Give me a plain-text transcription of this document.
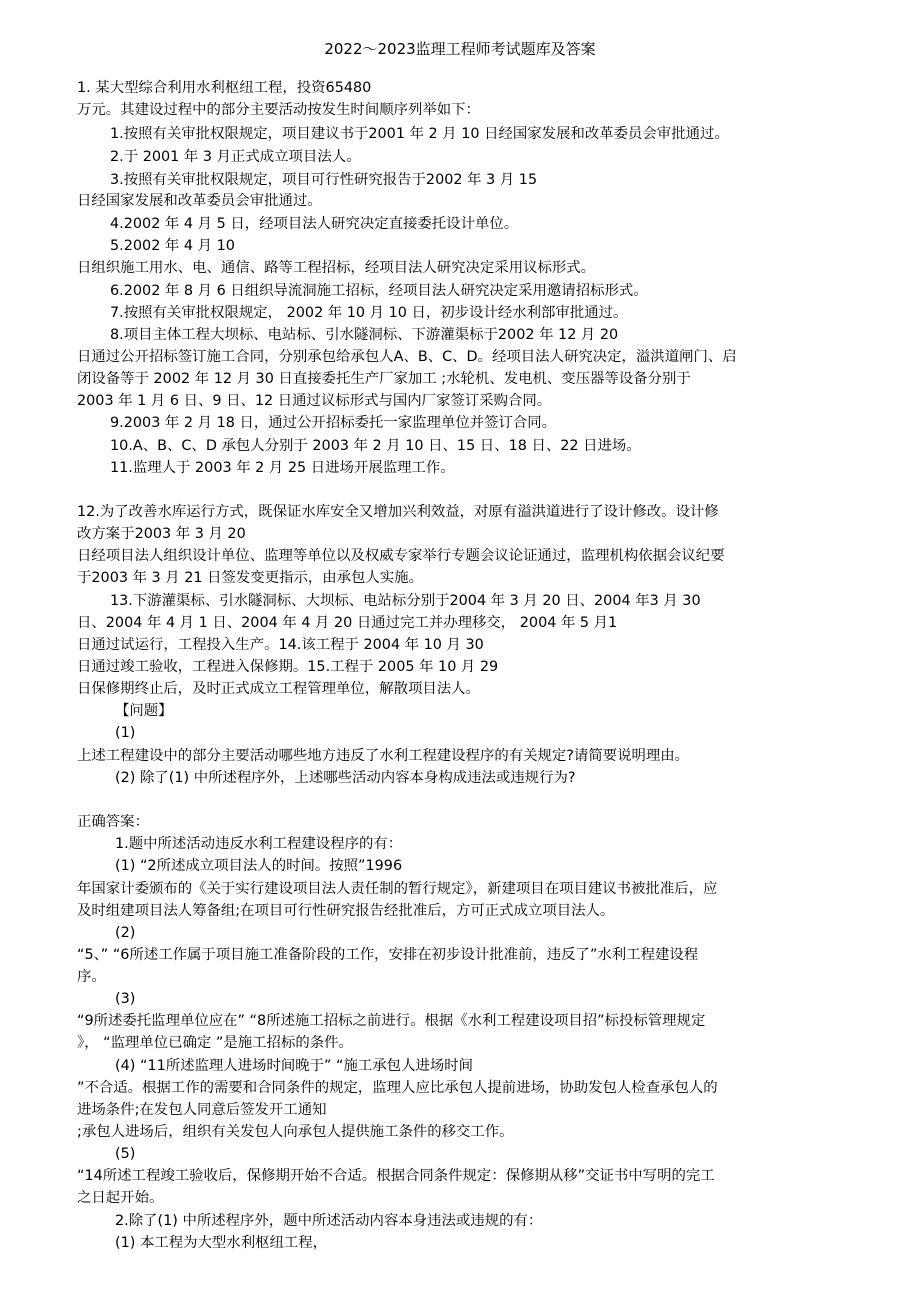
2022～2023监理工程师考试题库及答案
1. 某大型综合利用水利枢纽工程，投资65480
万元。其建设过程中的部分主要活动按发生时间顺序列举如下：
1.按照有关审批权限规定，项目建议书于2001 年 2 月 10 日经国家发展和改革委员会审批通过。
2.于 2001 年 3 月正式成立项目法人。
3.按照有关审批权限规定，项目可行性研究报告于2002 年 3 月 15
日经国家发展和改革委员会审批通过。
4.2002 年 4 月 5 日，经项目法人研究决定直接委托设计单位。
5.2002 年 4 月 10
日组织施工用水、电、通信、路等工程招标，经项目法人研究决定采用议标形式。
6.2002 年 8 月 6 日组织导流洞施工招标，经项目法人研究决定采用邀请招标形式。
7.按照有关审批权限规定， 2002 年 10 月 10 日，初步设计经水利部审批通过。
8.项目主体工程大坝标、电站标、引水隧洞标、下游灌渠标于2002 年 12 月 20
日通过公开招标签订施工合同，分别承包给承包人A、B、C、D。经项目法人研究决定，溢洪道闸门、启
闭设备等于 2002 年 12 月 30 日直接委托生产厂家加工 ;水轮机、发电机、变压器等设备分别于
2003 年 1 月 6 日、9 日、12 日通过议标形式与国内厂家签订采购合同。
9.2003 年 2 月 18 日，通过公开招标委托一家监理单位并签订合同。
10.A、B、C、D 承包人分别于 2003 年 2 月 10 日、15 日、18 日、22 日进场。
11.监理人于 2003 年 2 月 25 日进场开展监理工作。
12.为了改善水库运行方式，既保证水库安全又增加兴利效益，对原有溢洪道进行了设计修改。设计修
改方案于2003 年 3 月 20
日经项目法人组织设计单位、监理等单位以及权威专家举行专题会议论证通过，监理机构依据会议纪要
于2003 年 3 月 21 日签发变更指示，由承包人实施。
13.下游灌渠标、引水隧洞标、大坝标、电站标分别于2004 年 3 月 20 日、2004 年3 月 30
日、2004 年 4 月 1 日、2004 年 4 月 20 日通过完工并办理移交， 2004 年 5 月1
日通过试运行，工程投入生产。14.该工程于 2004 年 10 月 30
日通过竣工验收，工程进入保修期。15.工程于 2005 年 10 月 29
日保修期终止后，及时正式成立工程管理单位，解散项目法人。
【问题】
(1)
上述工程建设中的部分主要活动哪些地方违反了水利工程建设程序的有关规定?请简要说明理由。
(2) 除了(1) 中所述程序外，上述哪些活动内容本身构成违法或违规行为?
正确答案：
1.题中所述活动违反水利工程建设程序的有：
(1) “2所述成立项目法人的时间。按照”1996
年国家计委颁布的《关于实行建设项目法人责任制的暂行规定》，新建项目在项目建议书被批准后，应
及时组建项目法人筹备组;在项目可行性研究报告经批准后，方可正式成立项目法人。
(2)
“5、” “6所述工作属于项目施工准备阶段的工作，安排在初步设计批准前，违反了”水利工程建设程
序。
(3)
“9所述委托监理单位应在” “8所述施工招标之前进行。根据《水利工程建设项目招”标投标管理规定
》， “监理单位已确定 ”是施工招标的条件。
(4) “11所述监理人进场时间晚于” “施工承包人进场时间
”不合适。根据工作的需要和合同条件的规定，监理人应比承包人提前进场，协助发包人检查承包人的
进场条件;在发包人同意后签发开工通知
;承包人进场后，组织有关发包人向承包人提供施工条件的移交工作。
(5)
“14所述工程竣工验收后，保修期开始不合适。根据合同条件规定：保修期从移”交证书中写明的完工
之日起开始。
2.除了(1) 中所述程序外，题中所述活动内容本身违法或违规的有：
(1) 本工程为大型水利枢纽工程，
